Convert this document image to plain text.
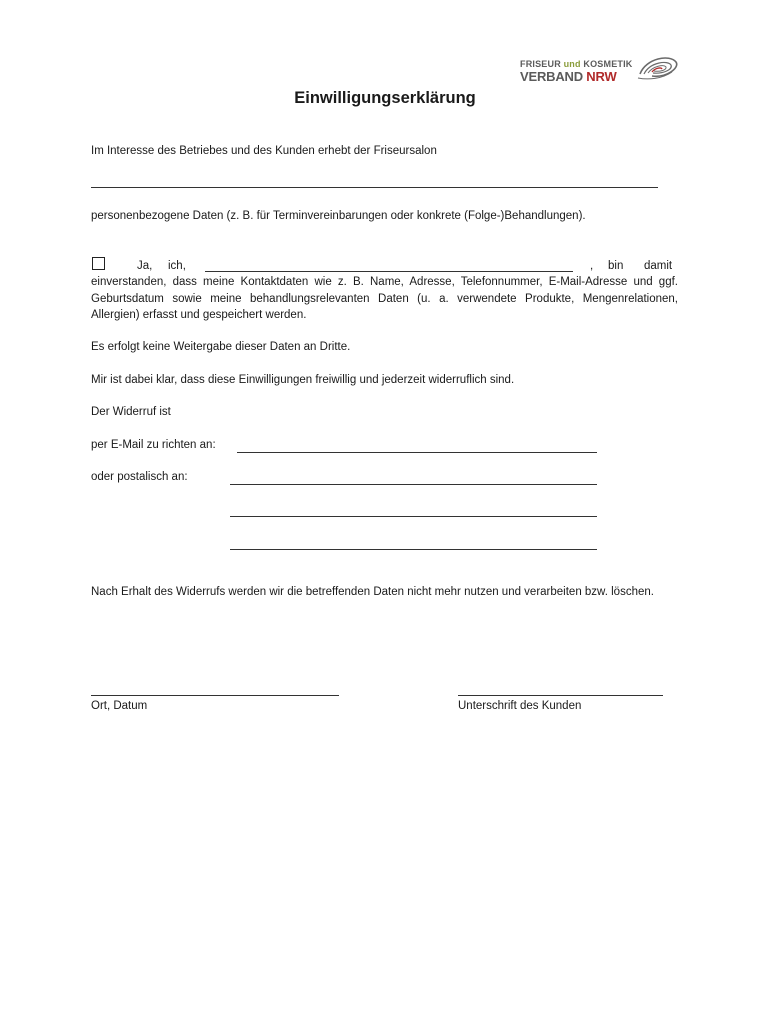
FRISEUR und KOSMETIK
VERBAND NRW
Einwilligungserklärung
Im Interesse des Betriebes und des Kunden erhebt der Friseursalon
personenbezogene Daten (z. B. für Terminvereinbarungen oder konkrete (Folge-)Behandlungen).
Ja, ich,	, bin damit
einverstanden, dass meine Kontaktdaten wie z. B. Name, Adresse, Telefonnummer, E-Mail-Adresse und ggf. Geburtsdatum sowie meine behandlungsrelevanten Daten (u. a. verwendete Produkte, Mengenrelationen, Allergien) erfasst und gespeichert werden.
Es erfolgt keine Weitergabe dieser Daten an Dritte.
Mir ist dabei klar, dass diese Einwilligungen freiwillig und jederzeit widerruflich sind.
Der Widerruf ist
per E-Mail zu richten an:
oder postalisch an:
Nach Erhalt des Widerrufs werden wir die betreffenden Daten nicht mehr nutzen und verarbeiten bzw. löschen.
Ort, Datum	Unterschrift des Kunden
